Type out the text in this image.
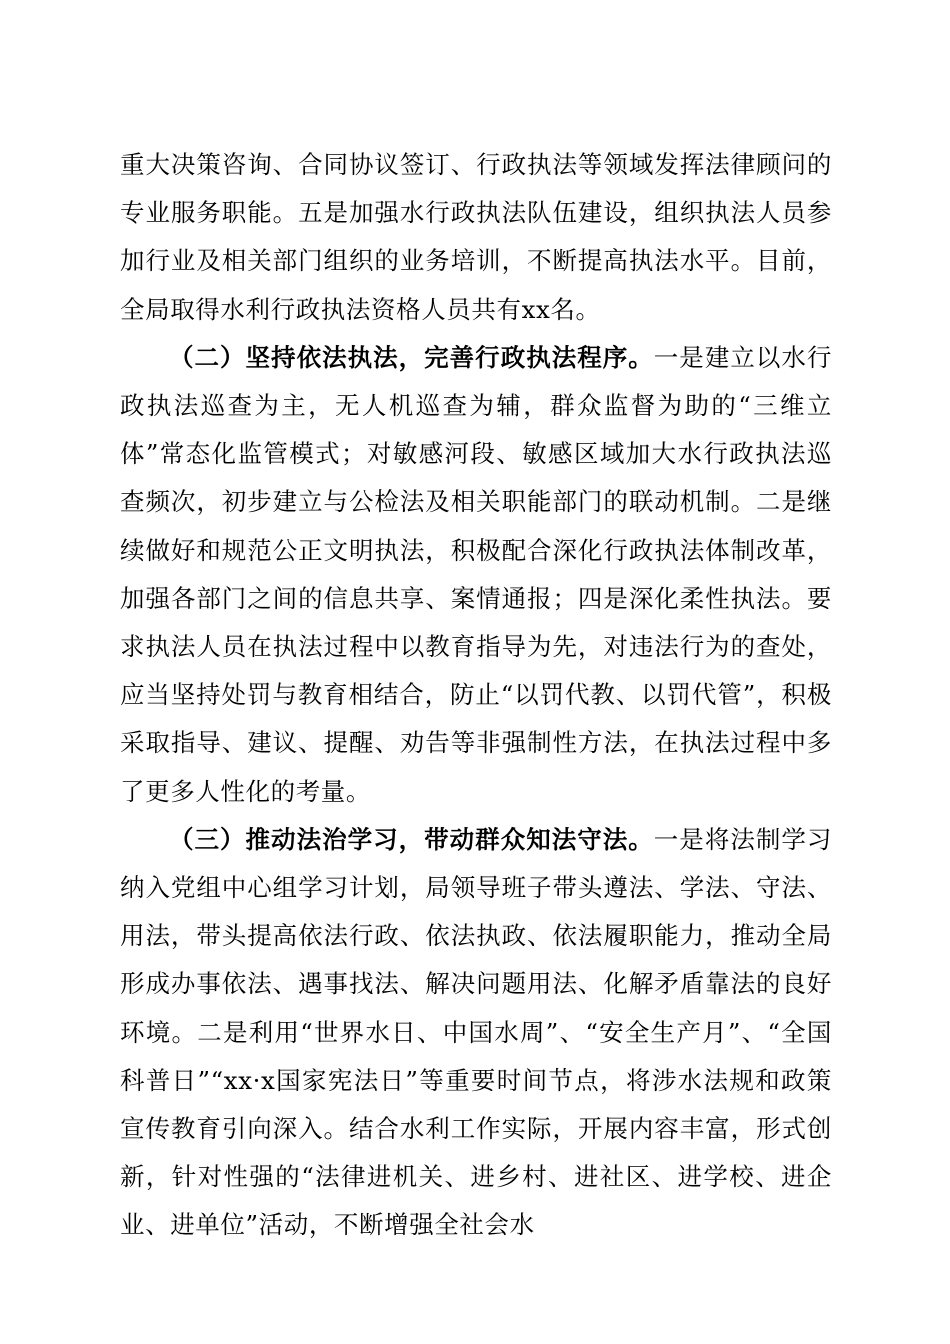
重大决策咨询、合同协议签订、行政执法等领域发挥法律顾问的专业服务职能。五是加强水行政执法队伍建设，组织执法人员参加行业及相关部门组织的业务培训，不断提高执法水平。目前，全局取得水利行政执法资格人员共有xx名。

（二）坚持依法执法，完善行政执法程序。一是建立以水行政执法巡查为主，无人机巡查为辅，群众监督为助的“三维立体”常态化监管模式；对敏感河段、敏感区域加大水行政执法巡查频次，初步建立与公检法及相关职能部门的联动机制。二是继续做好和规范公正文明执法，积极配合深化行政执法体制改革，加强各部门之间的信息共享、案情通报；四是深化柔性执法。要求执法人员在执法过程中以教育指导为先，对违法行为的查处，应当坚持处罚与教育相结合，防止“以罚代教、以罚代管”，积极采取指导、建议、提醒、劝告等非强制性方法，在执法过程中多了更多人性化的考量。

（三）推动法治学习，带动群众知法守法。一是将法制学习纳入党组中心组学习计划，局领导班子带头遵法、学法、守法、用法，带头提高依法行政、依法执政、依法履职能力，推动全局形成办事依法、遇事找法、解决问题用法、化解矛盾靠法的良好环境。二是利用“世界水日、中国水周”、“安全生产月”、“全国科普日”“xx·x国家宪法日”等重要时间节点，将涉水法规和政策宣传教育引向深入。结合水利工作实际，开展内容丰富，形式创新，针对性强的“法律进机关、进乡村、进社区、进学校、进企业、进单位”活动，不断增强全社会水
